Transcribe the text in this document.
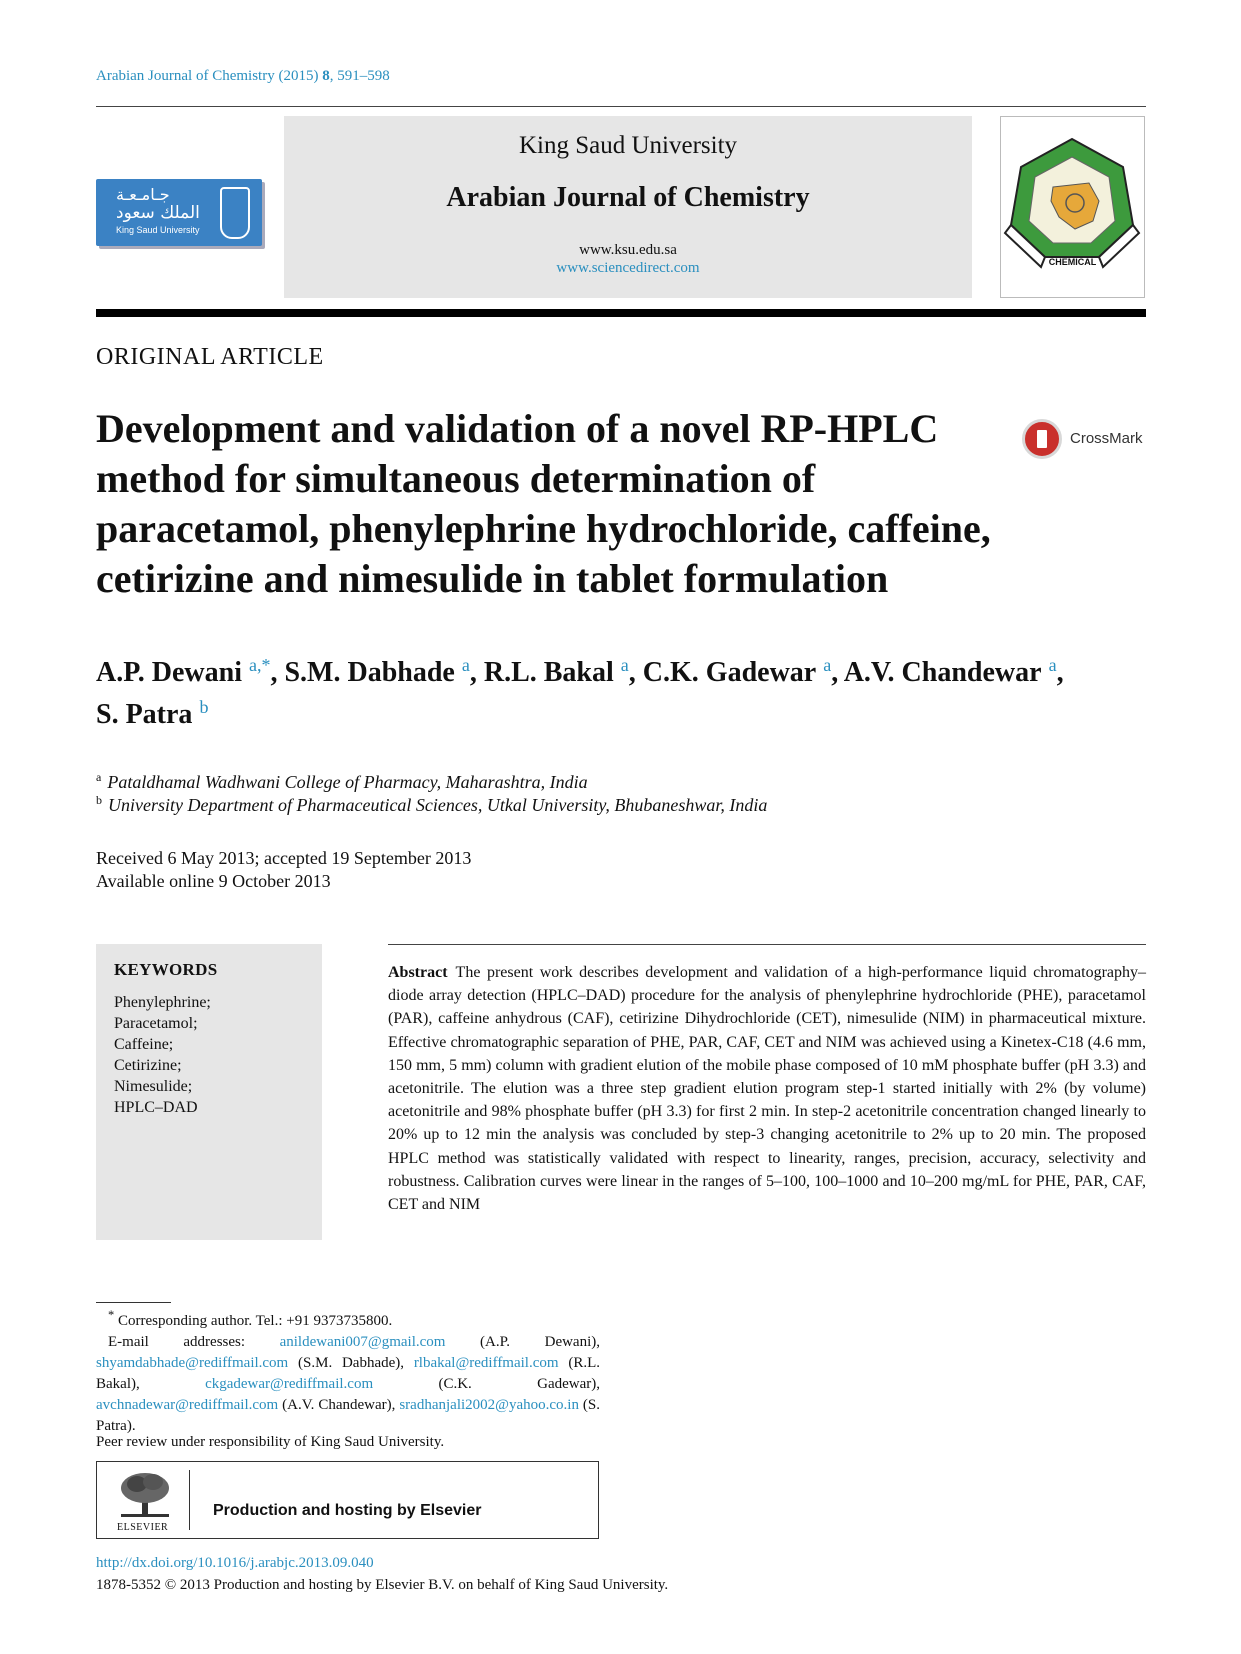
Arabian Journal of Chemistry (2015) 8, 591–598
جـامـعـة
الملك سعود
King Saud University
King Saud University
Arabian Journal of Chemistry
www.ksu.edu.sa
www.sciencedirect.com	CHEMICAL
ORIGINAL ARTICLE
Development and validation of a novel RP-HPLC method for simultaneous determination of paracetamol, phenylephrine hydrochloride, caffeine, cetirizine and nimesulide in tablet formulation
CrossMark
A.P. Dewani $^{a,*}$, S.M. Dabhade $^a$, R.L. Bakal $^a$, C.K. Gadewar $^a$, A.V. Chandewar $^a$,
S. Patra $^b$
$^a$ Pataldhamal Wadhwani College of Pharmacy, Maharashtra, India
$^b$ University Department of Pharmaceutical Sciences, Utkal University, Bhubaneshwar, India
Received 6 May 2013; accepted 19 September 2013
Available online 9 October 2013
KEYWORDS
Phenylephrine;
Paracetamol;
Caffeine;
Cetirizine;
Nimesulide;
HPLC–DAD
Abstract The present work describes development and validation of a high-performance liquid chromatography–diode array detection (HPLC–DAD) procedure for the analysis of phenylephrine hydrochloride (PHE), paracetamol (PAR), caffeine anhydrous (CAF), cetirizine Dihydrochloride (CET), nimesulide (NIM) in pharmaceutical mixture. Effective chromatographic separation of PHE, PAR, CAF, CET and NIM was achieved using a Kinetex-C18 (4.6 mm, 150 mm, 5 mm) column with gradient elution of the mobile phase composed of 10 mM phosphate buffer (pH 3.3) and acetonitrile. The elution was a three step gradient elution program step-1 started initially with 2% (by volume) acetonitrile and 98% phosphate buffer (pH 3.3) for first 2 min. In step-2 acetonitrile concentration changed linearly to 20% up to 12 min the analysis was concluded by step-3 changing acetonitrile to 2% up to 20 min. The proposed HPLC method was statistically validated with respect to linearity, ranges, precision, accuracy, selectivity and robustness. Calibration curves were linear in the ranges of 5–100, 100–1000 and 10–200 mg/mL for PHE, PAR, CAF, CET and NIM
* Corresponding author. Tel.: +91 9373735800.
E-mail addresses: anildewani007@gmail.com (A.P. Dewani), shyamdabhade@rediffmail.com (S.M. Dabhade), rlbakal@rediffmail.com (R.L. Bakal), ckgadewar@rediffmail.com (C.K. Gadewar), avchnadewar@rediffmail.com (A.V. Chandewar), sradhanjali2002@yahoo.co.in (S. Patra).
Peer review under responsibility of King Saud University.
ELSEVIER
Production and hosting by Elsevier
http://dx.doi.org/10.1016/j.arabjc.2013.09.040
1878-5352 © 2013 Production and hosting by Elsevier B.V. on behalf of King Saud University.
